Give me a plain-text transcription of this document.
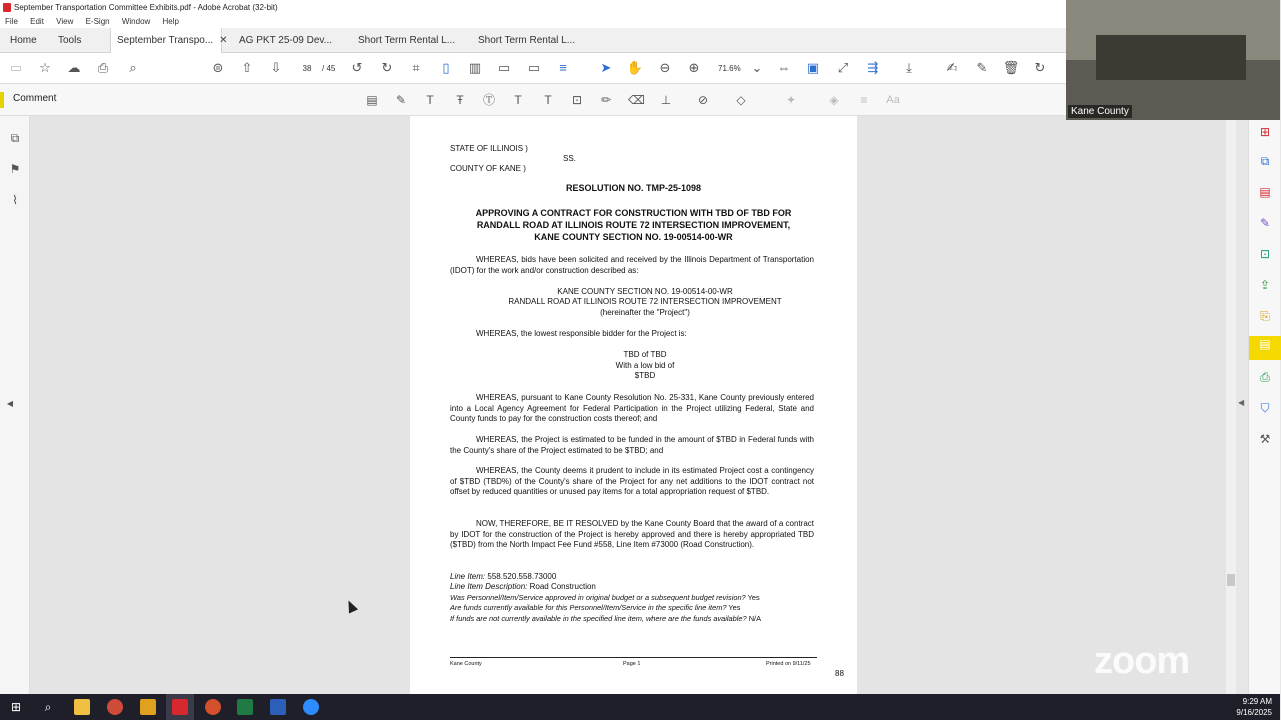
September Transportation Committee Exhibits.pdf - Adobe Acrobat (32-bit)
File Edit View E-Sign Window Help
Home	Tools	September Transpo... ✕	AG PKT 25-09 Dev...	Short Term Rental L...	Short Term Rental L...
▭ ☆ ☁ ⎙	⌕	⊜ ⇧ ⇩	38	/ 45 ↺ ↻	⌗	▯	▥ ▭ ▭	≡	➤ ✋ ⊖ ⊕	71.6% ⌄ ⇔ ▣ ⤢ ⇶	⤓	✍ ✎ 🗑 ↻
Comment	▤ ✎	T	Ŧ	Ⓣ	T	T	⊡ ✏ ⌫ ⊥ ⊘ ◇	✦	◈	≡	Aa
⧉
⚑
⌇
◀
STATE OF ILLINOIS )
SS.
COUNTY OF KANE )
RESOLUTION NO. TMP-25-1098
APPROVING A CONTRACT FOR CONSTRUCTION WITH TBD OF TBD FOR
RANDALL ROAD AT ILLINOIS ROUTE 72 INTERSECTION IMPROVEMENT,
KANE COUNTY SECTION NO. 19-00514-00-WR
WHEREAS, bids have been solicited and received by the Illinois Department of Transportation (IDOT) for the work and/or construction described as:
KANE COUNTY SECTION NO. 19-00514-00-WR
RANDALL ROAD AT ILLINOIS ROUTE 72 INTERSECTION IMPROVEMENT
(hereinafter the "Project")
WHEREAS, the lowest responsible bidder for the Project is:
TBD of TBD
With a low bid of
$TBD
WHEREAS, pursuant to Kane County Resolution No. 25-331, Kane County previously entered into a Local Agency Agreement for Federal Participation in the Project utilizing Federal, State and County funds to pay for the construction costs thereof; and
WHEREAS, the Project is estimated to be funded in the amount of $TBD in Federal funds with the County's share of the Project estimated to be $TBD; and
WHEREAS, the County deems it prudent to include in its estimated Project cost a contingency of $TBD (TBD%) of the County's share of the Project for any net additions to the IDOT contract not offset by reduced quantities or unused pay items for a total appropriation request of $TBD.
NOW, THEREFORE, BE IT RESOLVED by the Kane County Board that the award of a contract by IDOT for the construction of the Project is hereby approved and there is hereby appropriated TBD ($TBD) from the North Impact Fee Fund #558, Line Item #73000 (Road Construction).
Line Item: 558.520.558.73000
Line Item Description: Road Construction
Was Personnel/Item/Service approved in original budget or a subsequent budget revision? Yes
Are funds currently available for this Personnel/Item/Service in the specific line item? Yes
If funds are not currently available in the specified line item, where are the funds available? N/A
Kane County	Page 1	Printed on 9/11/25
88
◀
⊞
⧉
▤
✎
⊡
⇪
⎘
▤
⎙
⛉
⚒
Kane County
zoom
⊞	⌕	9:29 AM
9/16/2025
